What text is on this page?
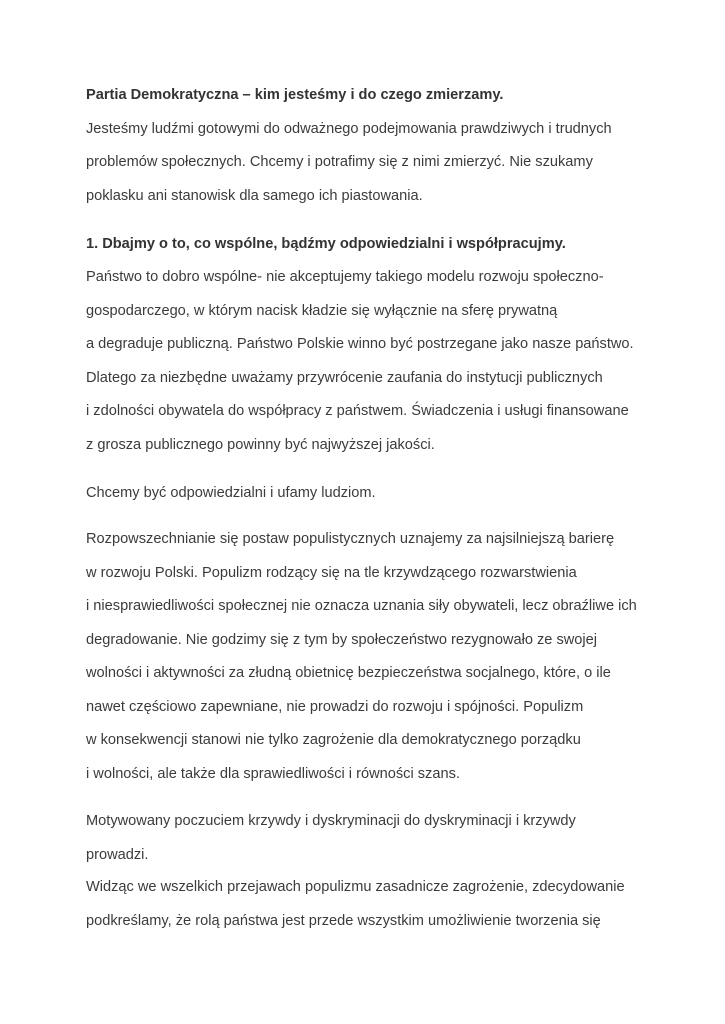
Partia Demokratyczna – kim jesteśmy i do czego zmierzamy.

Jesteśmy ludźmi gotowymi do odważnego podejmowania prawdziwych i trudnych

problemów społecznych. Chcemy i potrafimy się z nimi zmierzyć. Nie szukamy

poklasku ani stanowisk dla samego ich piastowania.

1. Dbajmy o to, co wspólne, bądźmy odpowiedzialni i współpracujmy.

Państwo to dobro wspólne- nie akceptujemy takiego modelu rozwoju społeczno-

gospodarczego, w którym nacisk kładzie się wyłącznie na sferę prywatną

a degraduje publiczną. Państwo Polskie winno być postrzegane jako nasze państwo.

Dlatego za niezbędne uważamy przywrócenie zaufania do instytucji publicznych

i zdolności obywatela do współpracy z państwem. Świadczenia i usługi finansowane

z grosza publicznego powinny być najwyższej jakości.

Chcemy być odpowiedzialni i ufamy ludziom.

Rozpowszechnianie się postaw populistycznych uznajemy za najsilniejszą barierę

w rozwoju Polski. Populizm rodzący się na tle krzywdzącego rozwarstwienia

i niesprawiedliwości społecznej nie oznacza uznania siły obywateli, lecz obraźliwe ich

degradowanie. Nie godzimy się z tym by społeczeństwo rezygnowało ze swojej

wolności i aktywności za złudną obietnicę bezpieczeństwa socjalnego, które, o ile

nawet częściowo zapewniane, nie prowadzi do rozwoju i spójności. Populizm

w konsekwencji stanowi nie tylko zagrożenie dla demokratycznego porządku

i wolności, ale także dla sprawiedliwości i równości szans.

Motywowany poczuciem krzywdy i dyskryminacji do dyskryminacji i krzywdy

prowadzi.

Widząc we wszelkich przejawach populizmu zasadnicze zagrożenie, zdecydowanie

podkreślamy, że rolą państwa jest przede wszystkim umożliwienie tworzenia się
